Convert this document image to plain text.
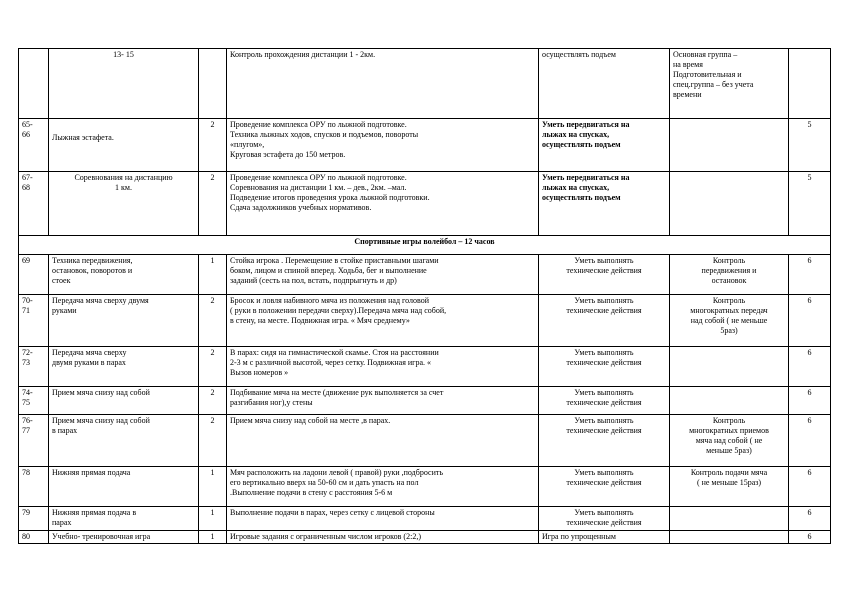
	13- 15		Контроль прохождения дистанции 1 - 2км.	осуществлять подъем	Основная группа –
на время
Подготовительная и
спец.группа – без учета
времени	
65-
66	Лыжная эстафета.	2	Проведение комплекса ОРУ по лыжной подготовке.
Техника лыжных ходов, спусков и подъемов, повороты
«плугом»,
Круговая эстафета до 150 метров.	Уметь передвигаться на
лыжах на спусках,
осуществлять подъем		5
67-
68	Соревнования на дистанцию
1 км.	2	Проведение комплекса ОРУ по лыжной подготовке.
Соревнования на дистанции 1 км. – дев., 2км. –мал.
Подведение итогов проведения урока лыжной подготовки.
Сдача задолжников учебных нормативов.	Уметь передвигаться на
лыжах на спусках,
осуществлять подъем		5
Спортивные игры волейбол – 12 часов						
69	Техника передвижения,
остановок, поворотов и
стоек	1	Стойка игрока . Перемещение в стойке приставными шагами
боком, лицом и спиной вперед. Ходьба, бег и выполнение
заданий (сесть на пол, встать, подпрыгнуть и др)	Уметь выполнять
технические действия	Контроль
передвижения и
остановок	6
70-
71	Передача мяча сверху двумя
руками	2	Бросок и ловля набивного мяча из положения над головой
( руки в положении передачи сверху).Передача мяча над собой,
в стену, на месте. Подвижная игра. « Мяч среднему»	Уметь выполнять
технические действия	Контроль
многократных передач
над собой ( не меньше
5раз)	6
72-
73	Передача мяча сверху
двумя руками в парах	2	В парах: сидя на гимнастической скамье. Стоя на расстоянии
2-3 м с различной высотой, через сетку. Подвижная игра. «
Вызов номеров »	Уметь выполнять
технические действия		6
74-
75	Прием мяча снизу над собой	2	Подбивание мяча на месте (движение рук выполняется за счет
разгибания ног),у стены	Уметь выполнять
технические действия		6
76-
77	Прием мяча снизу над собой
в парах	2	Прием мяча снизу над собой на месте ,в парах.	Уметь выполнять
технические действия	Контроль
многократных приемов
мяча над собой ( не
меньше 5раз)	6
78	Нижняя прямая подача	1	Мяч расположить на ладони левой ( правой) руки ,подбросить
его вертикально вверх на 50-60 см и дать упасть на пол
.Выполнение подачи в стену с расстояния 5-6 м	Уметь выполнять
технические действия	Контроль подачи мяча
( не меньше 15раз)	6
79	Нижняя прямая подача в
парах	1	Выполнение подачи в парах, через сетку с лицевой стороны	Уметь выполнять
технические действия		6
80	Учебно- тренировочная игра	1	Игровые задания с ограниченным числом игроков (2:2,)	Игра по упрощенным		6
